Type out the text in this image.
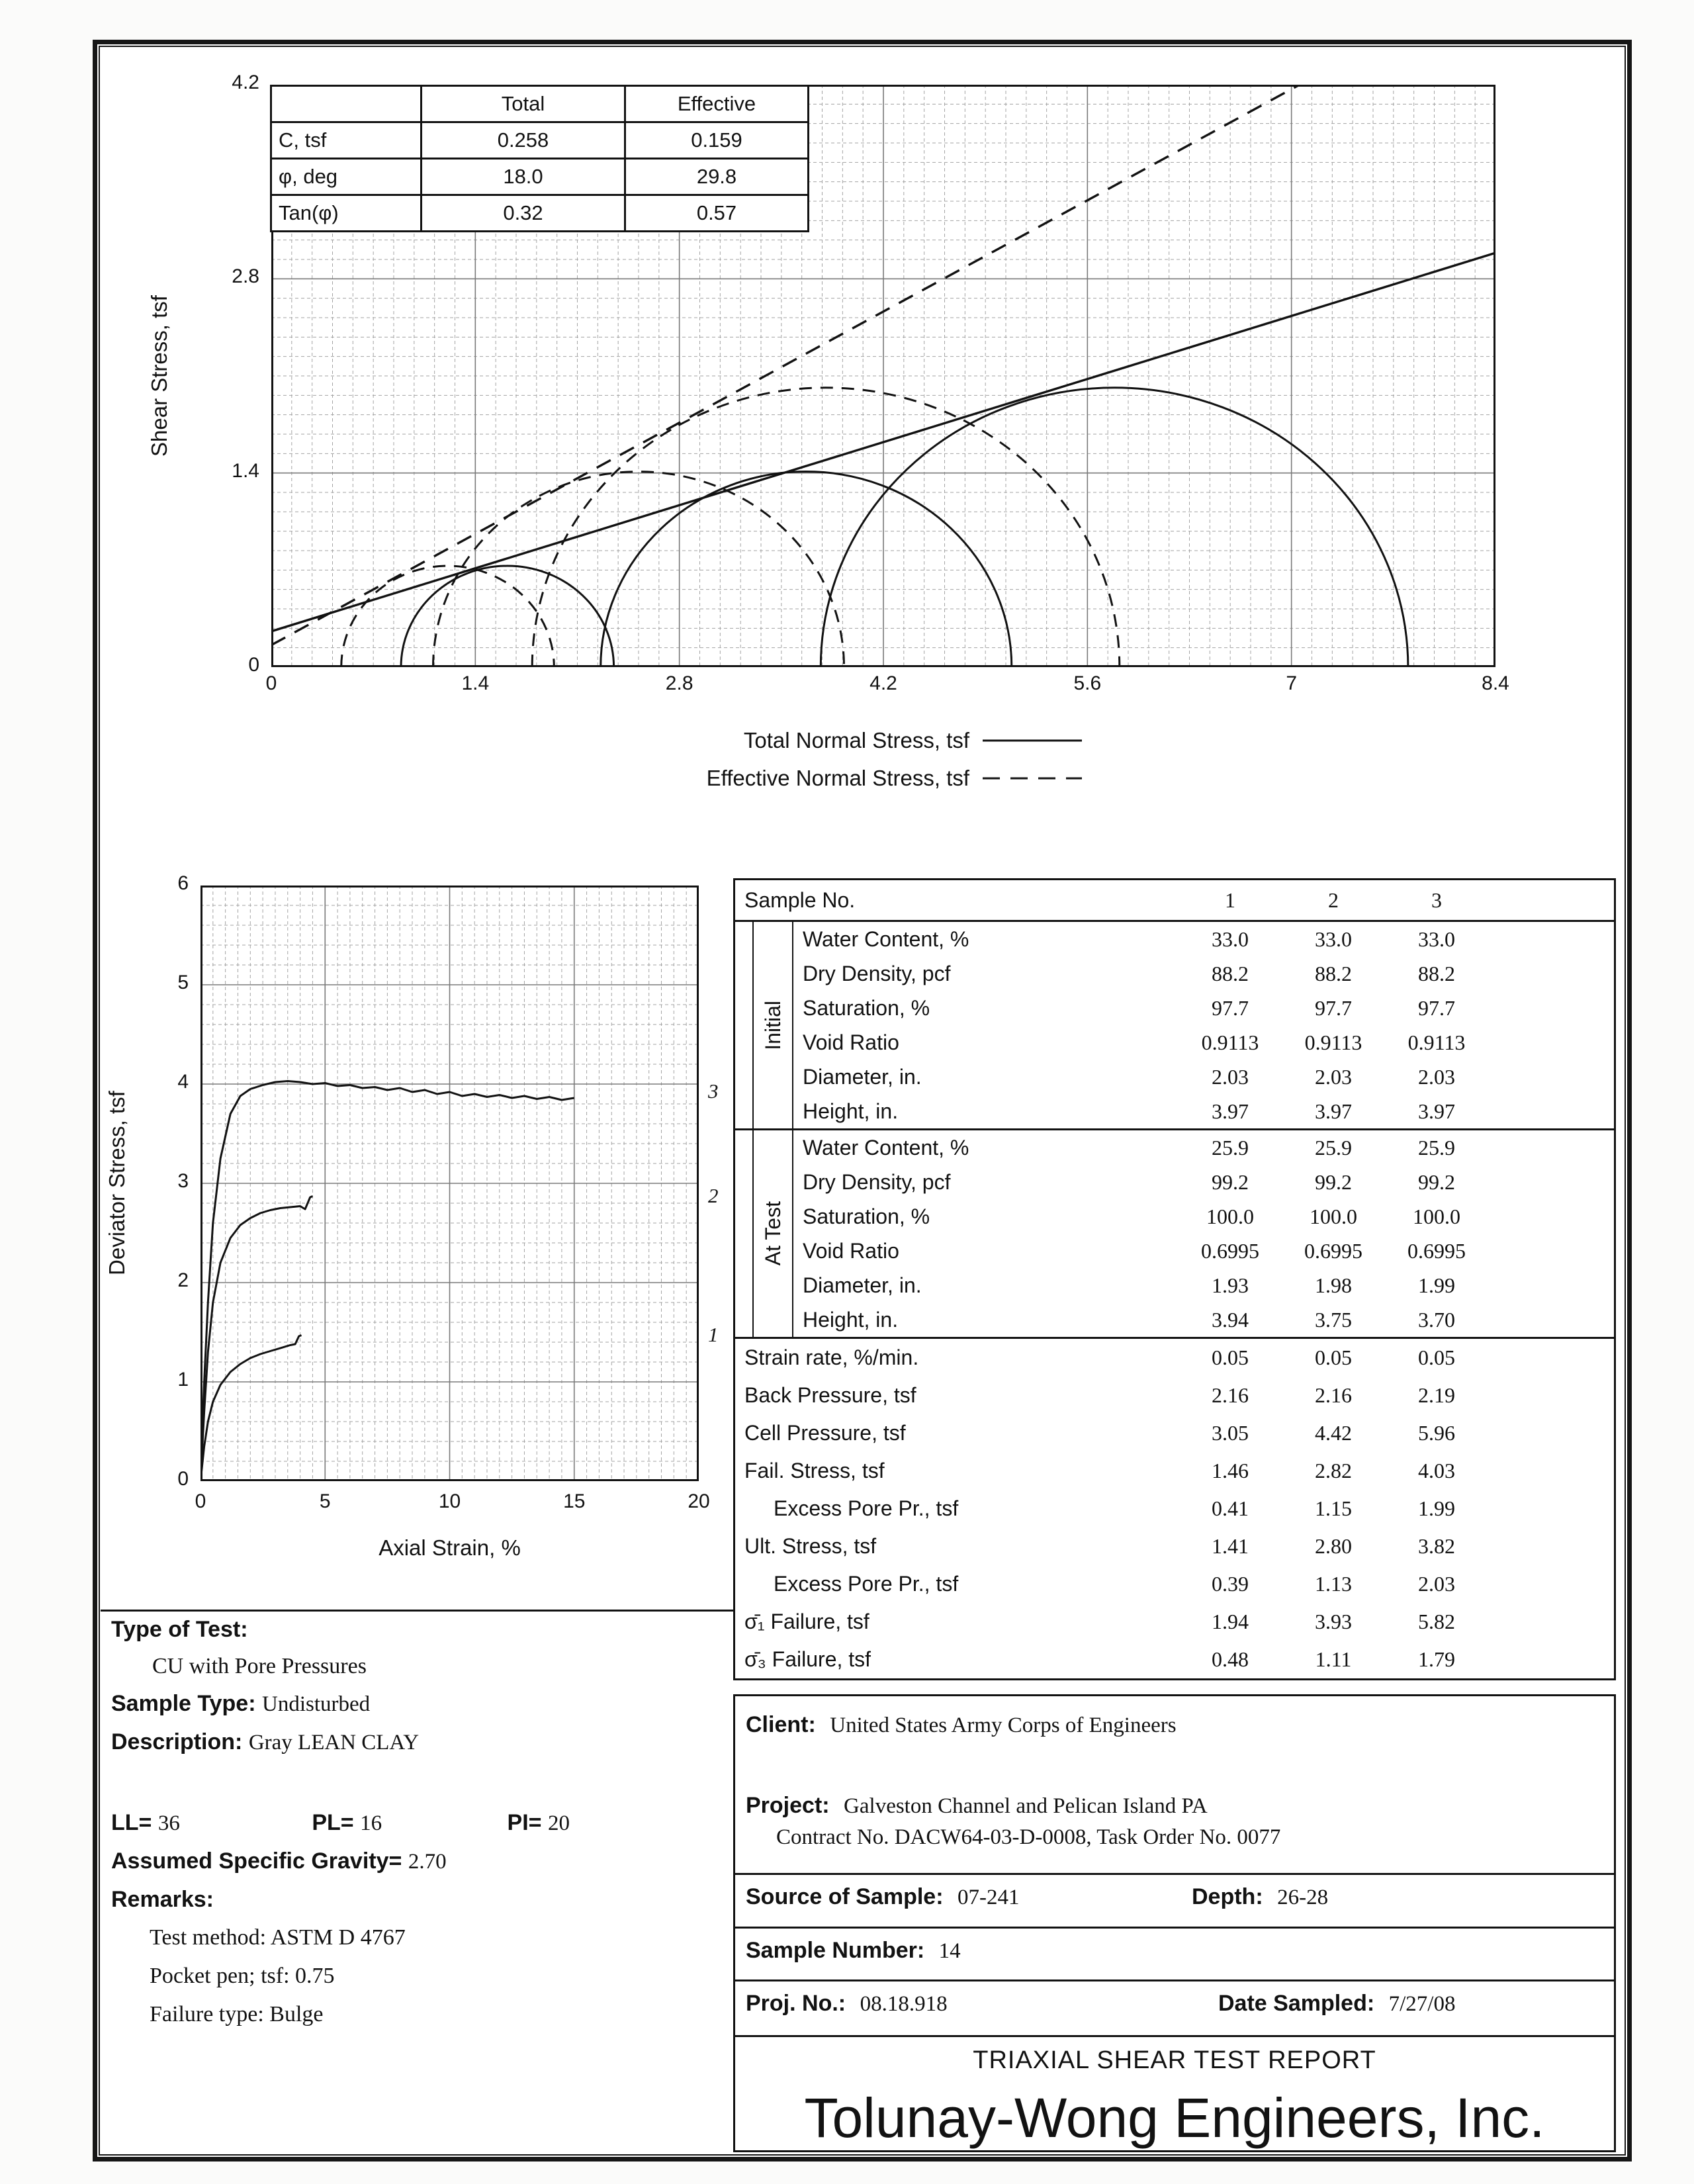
Shear Stress, tsf
0
1.4
2.8
4.2
0	1.4	2.8	4.2	5.6	7	8.4
	Total	Effective
C, tsf	0.258	0.159
φ, deg	18.0	29.8
Tan(φ)	0.32	0.57
Total Normal Stress, tsf
Effective Normal Stress, tsf
Deviator Stress, tsf
0
1
2
3
4
5
6
0	5	10	15	20
Axial Strain, %
1
2
3
Sample No.	1	2	3
Initial
Water Content, %	33.0	33.0	33.0
Dry Density, pcf	88.2	88.2	88.2
Saturation, %	97.7	97.7	97.7
Void Ratio	0.9113	0.9113	0.9113
Diameter, in.	2.03	2.03	2.03
Height, in.	3.97	3.97	3.97
At Test
Water Content, %	25.9	25.9	25.9
Dry Density, pcf	99.2	99.2	99.2
Saturation, %	100.0	100.0	100.0
Void Ratio	0.6995	0.6995	0.6995
Diameter, in.	1.93	1.98	1.99
Height, in.	3.94	3.75	3.70
Strain rate, %/min.	0.05	0.05	0.05
Back Pressure, tsf	2.16	2.16	2.19
Cell Pressure, tsf	3.05	4.42	5.96
Fail. Stress, tsf	1.46	2.82	4.03
Excess Pore Pr., tsf	0.41	1.15	1.99
Ult. Stress, tsf	1.41	2.80	3.82
Excess Pore Pr., tsf	0.39	1.13	2.03
σ̄₁ Failure, tsf	1.94	3.93	5.82
σ̄₃ Failure, tsf	0.48	1.11	1.79
Type of Test:
CU with Pore Pressures
Sample Type: Undisturbed
Description: Gray LEAN CLAY
LL= 36	PL= 16	PI= 20
Assumed Specific Gravity= 2.70
Remarks:
Test method: ASTM D 4767
Pocket pen; tsf: 0.75
Failure type: Bulge
Client: United States Army Corps of Engineers
Project: Galveston Channel and Pelican Island PA
Contract No. DACW64-03-D-0008, Task Order No. 0077
Source of Sample: 07-241	Depth: 26-28
Sample Number: 14
Proj. No.: 08.18.918	Date Sampled: 7/27/08
TRIAXIAL SHEAR TEST REPORT
Tolunay-Wong Engineers, Inc.
